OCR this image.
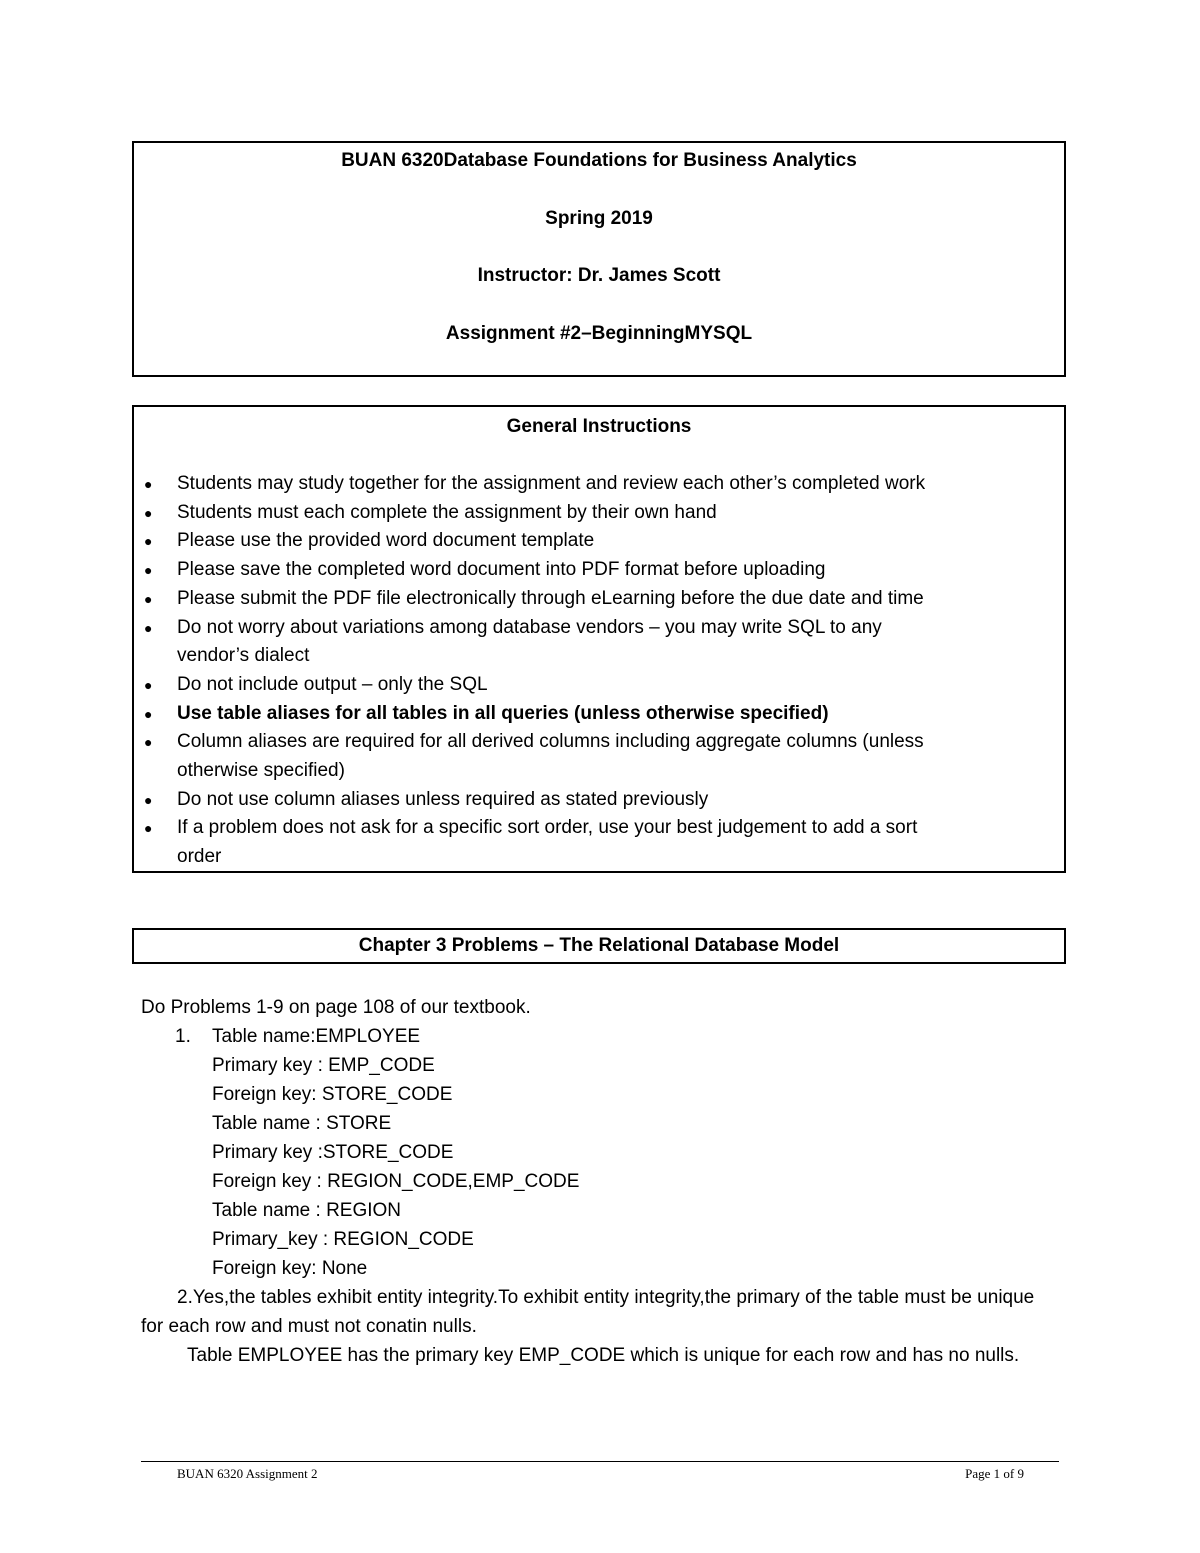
BUAN 6320Database Foundations for Business Analytics

Spring 2019

Instructor: Dr. James Scott

Assignment #2–BeginningMYSQL

General Instructions

● Students may study together for the assignment and review each other’s completed work
● Students must each complete the assignment by their own hand
● Please use the provided word document template
● Please save the completed word document into PDF format before uploading
● Please submit the PDF file electronically through eLearning before the due date and time
● Do not worry about variations among database vendors – you may write SQL to any
vendor’s dialect
● Do not include output – only the SQL
● Use table aliases for all tables in all queries (unless otherwise specified)
● Column aliases are required for all derived columns including aggregate columns (unless
otherwise specified)
● Do not use column aliases unless required as stated previously
● If a problem does not ask for a specific sort order, use your best judgement to add a sort
order

Chapter 3 Problems – The Relational Database Model

Do Problems 1-9 on page 108 of our textbook.

1. Table name:EMPLOYEE

Primary key : EMP_CODE

Foreign key: STORE_CODE

Table name : STORE

Primary key :STORE_CODE

Foreign key : REGION_CODE,EMP_CODE

Table name : REGION

Primary_key : REGION_CODE

Foreign key: None

2.Yes,the tables exhibit entity integrity.To exhibit entity integrity,the primary of the table must be unique for each row and must not conatin nulls.

Table EMPLOYEE has the primary key EMP_CODE which is unique for each row and has no nulls.

BUAN 6320 Assignment 2	Page 1 of 9
